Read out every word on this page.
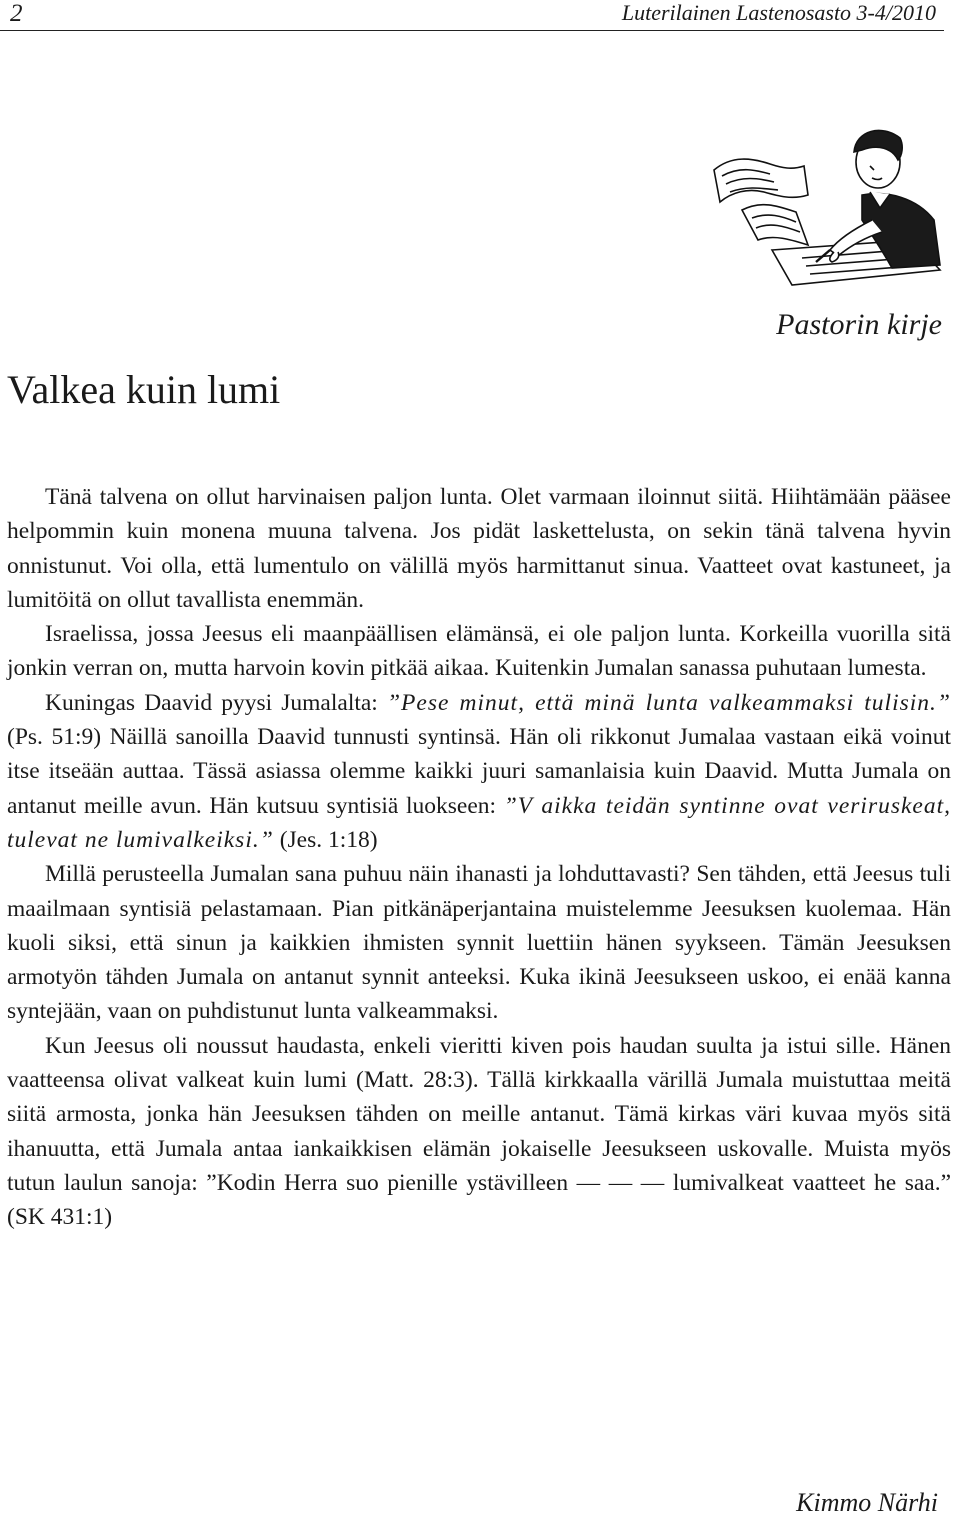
2	Luterilainen Lastenosasto 3-4/2010
Pastorin kirje
Valkea kuin lumi

Tänä talvena on ollut harvinaisen paljon lunta. Olet varmaan iloinnut siitä. Hiihtämään pääsee helpommin kuin monena muuna talvena. Jos pidät laskettelusta, on sekin tänä talvena hyvin onnistunut. Voi olla, että lumentulo on välillä myös harmittanut sinua. Vaatteet ovat kastuneet, ja lumitöitä on ollut tavallista enemmän.

Israelissa, jossa Jeesus eli maanpäällisen elämänsä, ei ole paljon lunta. Korkeilla vuorilla sitä jonkin verran on, mutta harvoin kovin pitkää aikaa. Kuitenkin Jumalan sanassa puhutaan lumesta.

Kuningas Daavid pyysi Jumalalta: ”Pese minut, että minä lunta valkeammaksi tulisin.” (Ps. 51:9) Näillä sanoilla Daavid tunnusti syntinsä. Hän oli rikkonut Jumalaa vastaan eikä voinut itse itseään auttaa. Tässä asiassa olemme kaikki juuri samanlaisia kuin Daavid. Mutta Jumala on antanut meille avun. Hän kutsuu syntisiä luokseen: ”V aikka teidän syntinne ovat veriruskeat, tulevat ne lumivalkeiksi.” (Jes. 1:18)

Millä perusteella Jumalan sana puhuu näin ihanasti ja lohduttavasti? Sen tähden, että Jeesus tuli maailmaan syntisiä pelastamaan. Pian pitkänäperjantaina muistelemme Jeesuksen kuolemaa. Hän kuoli siksi, että sinun ja kaikkien ihmisten synnit luettiin hänen syykseen. Tämän Jeesuksen armotyön tähden Jumala on antanut synnit anteeksi. Kuka ikinä Jeesukseen uskoo, ei enää kanna syntejään, vaan on puhdistunut lunta valkeammaksi.

Kun Jeesus oli noussut haudasta, enkeli vieritti kiven pois haudan suulta ja istui sille. Hänen vaatteensa olivat valkeat kuin lumi (Matt. 28:3). Tällä kirkkaalla värillä Jumala muistuttaa meitä siitä armosta, jonka hän Jeesuksen tähden on meille antanut. Tämä kirkas väri kuvaa myös sitä ihanuutta, että Jumala antaa iankaikkisen elämän jokaiselle Jeesukseen uskovalle. Muista myös tutun laulun sanoja: ”Kodin Herra suo pienille ystävilleen — — — lumivalkeat vaatteet he saa.” (SK 431:1)

Kimmo Närhi
